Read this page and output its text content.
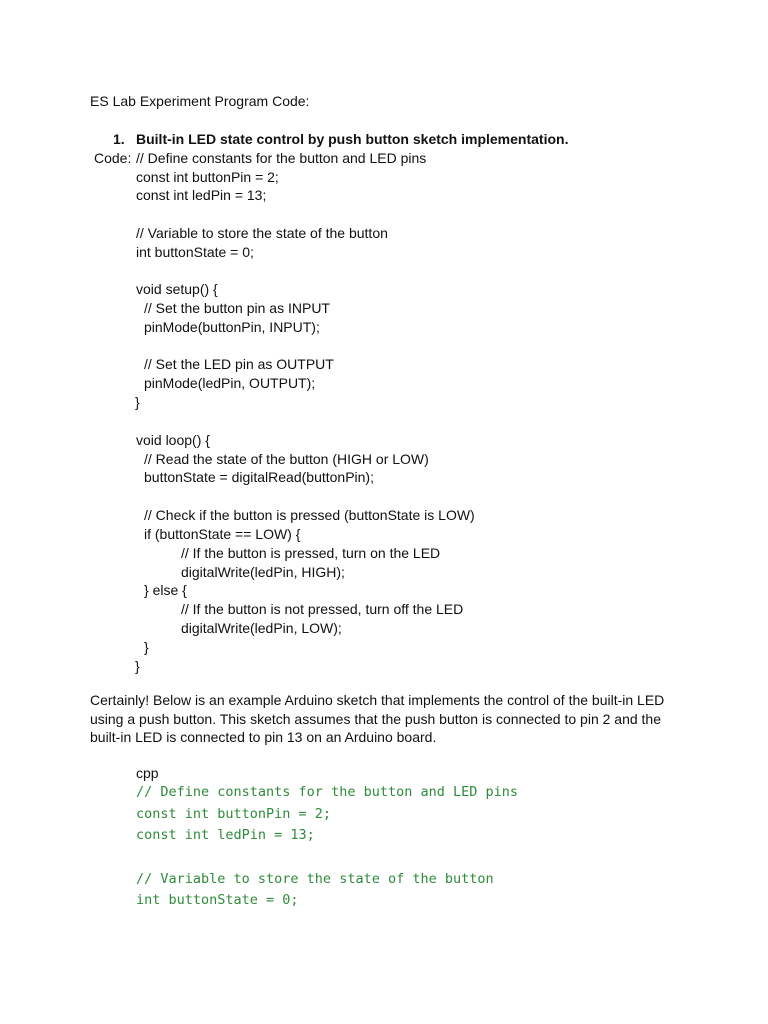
ES Lab Experiment Program Code:
1. Built-in LED state control by push button sketch implementation.
Code: // Define constants for the button and LED pins
const int buttonPin = 2;
const int ledPin = 13;
// Variable to store the state of the button
int buttonState = 0;
void setup() {
// Set the button pin as INPUT
pinMode(buttonPin, INPUT);
// Set the LED pin as OUTPUT
pinMode(ledPin, OUTPUT);
}
void loop() {
// Read the state of the button (HIGH or LOW)
buttonState = digitalRead(buttonPin);
// Check if the button is pressed (buttonState is LOW)
if (buttonState == LOW) {
// If the button is pressed, turn on the LED
digitalWrite(ledPin, HIGH);
} else {
// If the button is not pressed, turn off the LED
digitalWrite(ledPin, LOW);
}
}
Certainly! Below is an example Arduino sketch that implements the control of the built-in LED using a push button. This sketch assumes that the push button is connected to pin 2 and the built-in LED is connected to pin 13 on an Arduino board.
cpp
// Define constants for the button and LED pins
const int buttonPin = 2;
const int ledPin = 13;
// Variable to store the state of the button
int buttonState = 0;
